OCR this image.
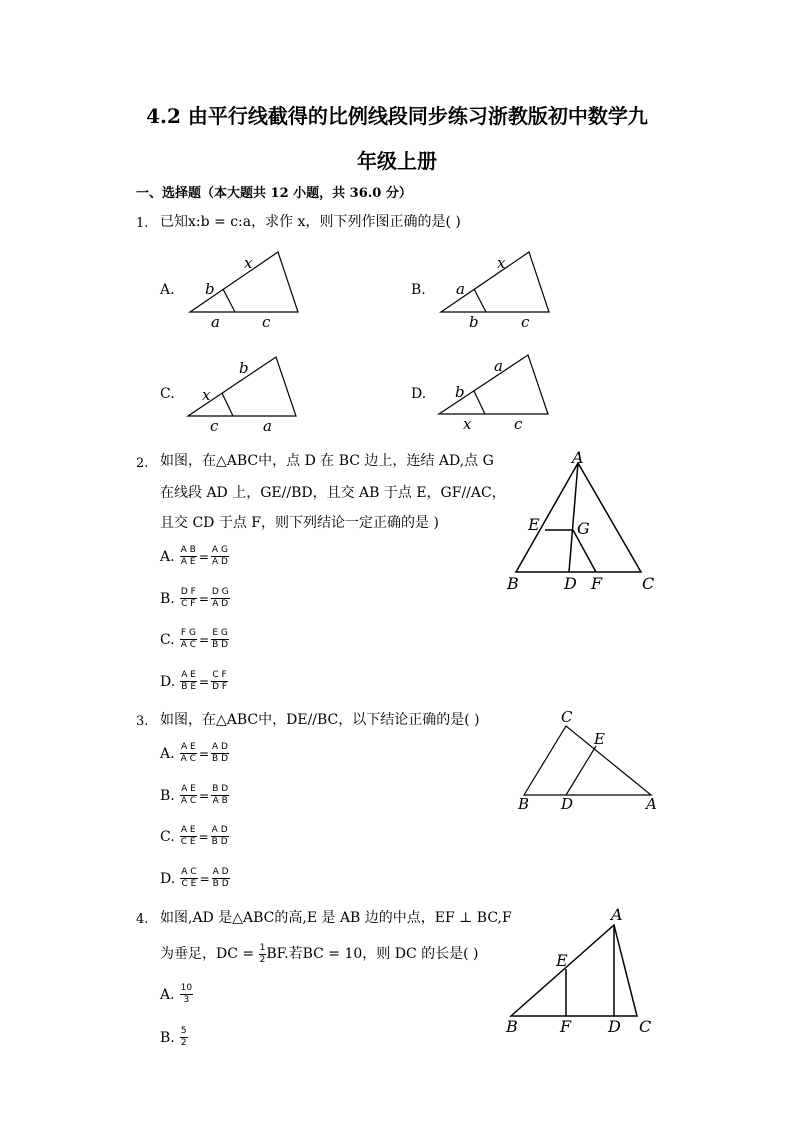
4.2 由平行线截得的比例线段同步练习浙教版初中数学九
年级上册
一、选择题（本大题共 12 小题，共 36.0 分）
1. 已知x:b = c:a，求作 x，则下列作图正确的是( )
A.
x
b
a	c
x
a
b	c
b
x
c	a
a
b
x	c
A
B	C
D
E
F
G
C
E
B D	A
A
E
B	F D C
B.
C.	D.
2. 如图，在△ABC中，点 D 在 BC 边上，连结 AD,点 G
在线段 AD 上，GE//BD，且交 AB 于点 E，GF//AC，
且交 CD 于点 F，则下列结论一定正确的是 )
A. $\frac{\text{A B}}{\text{A E}} = \frac{\text{A G}}{\text{A D}}$
B. $\frac{\text{D F}}{\text{C F}} = \frac{\text{D G}}{\text{A D}}$
C. $\frac{\text{F G}}{\text{A C}} = \frac{\text{E G}}{\text{B D}}$
D. $\frac{\text{A E}}{\text{B E}} = \frac{\text{C F}}{\text{D F}}$
3. 如图，在△ABC中，DE//BC，以下结论正确的是( )
A. $\frac{\text{A E}}{\text{A C}} = \frac{\text{A D}}{\text{B D}}$
B. $\frac{\text{A E}}{\text{A C}} = \frac{\text{B D}}{\text{A B}}$
C. $\frac{\text{A E}}{\text{C E}} = \frac{\text{A D}}{\text{B D}}$
D. $\frac{\text{A C}}{\text{C E}} = \frac{\text{A D}}{\text{B D}}$
4. 如图,AD 是△ABC的高,E 是 AB 边的中点，EF ⊥ BC,F
为垂足，DC = $\frac{1}{2}$ BF.若BC = 10，则 DC 的长是( )
A. $\frac{10}{3}$
B. $\frac{5}{2}$
